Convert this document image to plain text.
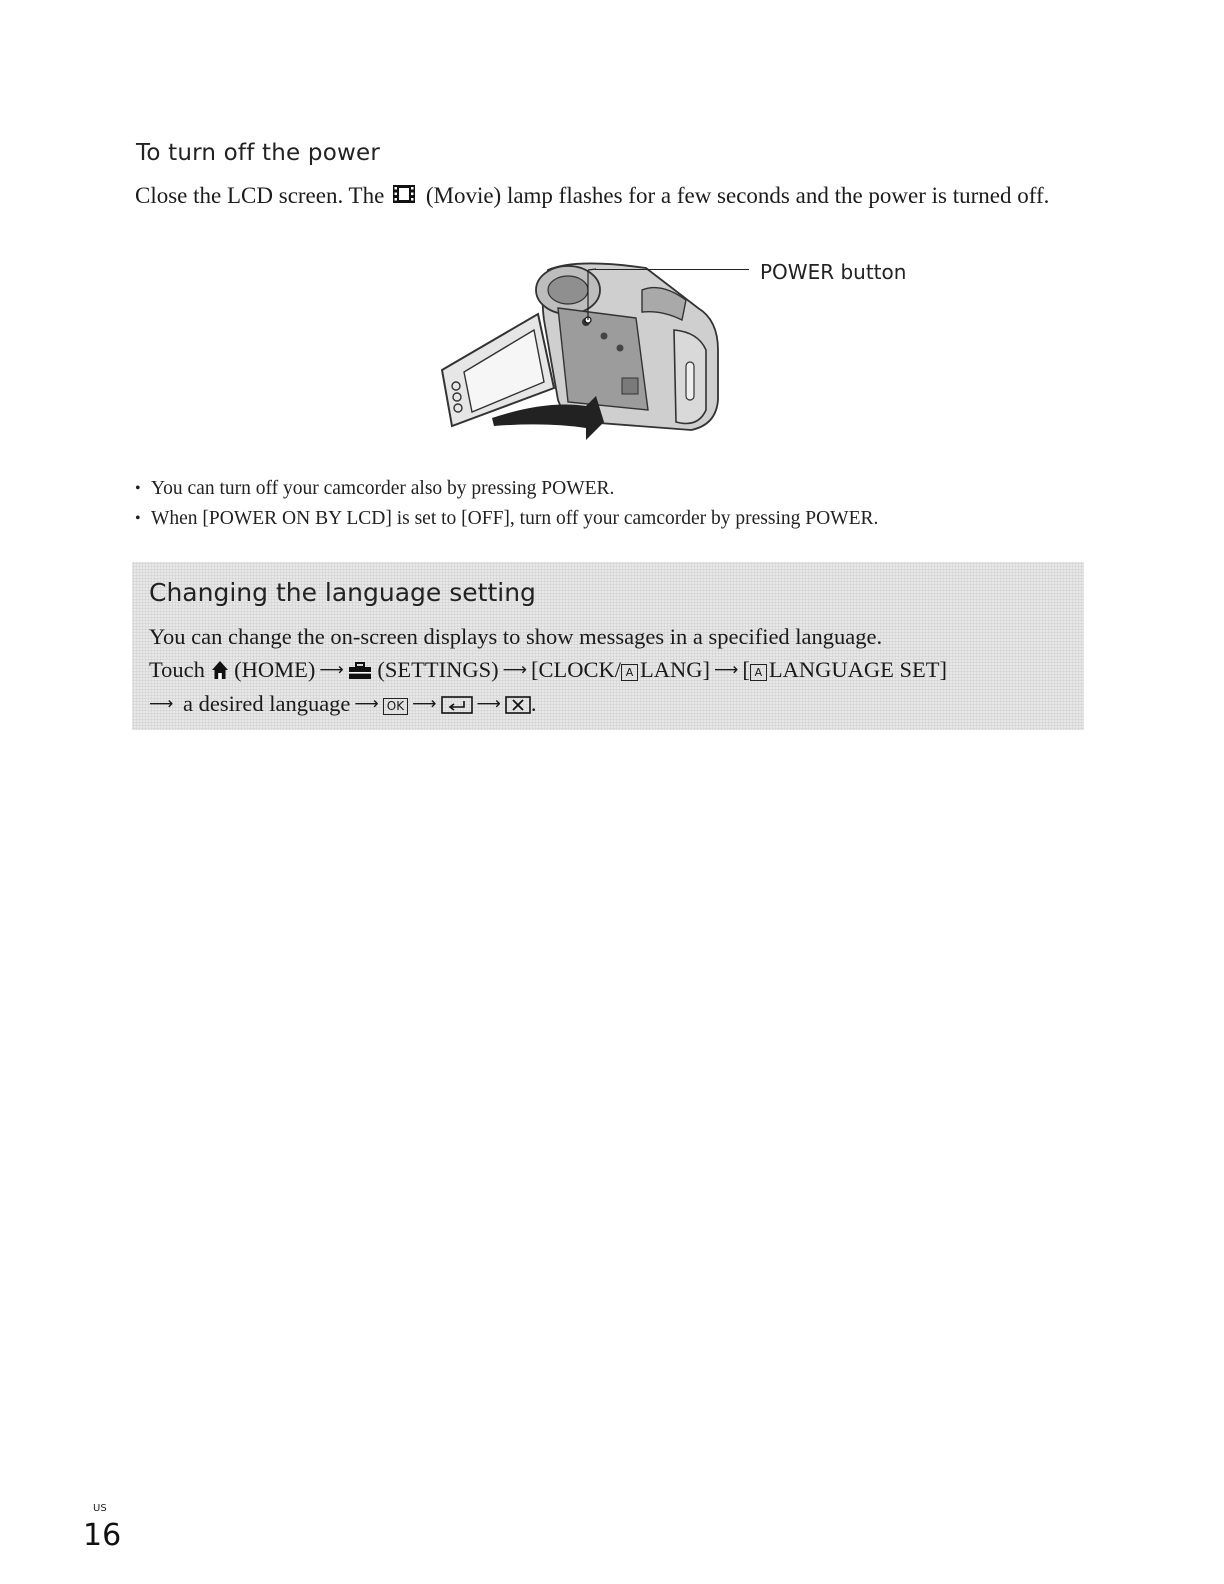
To turn off the power
Close the LCD screen. The (Movie) lamp flashes for a few seconds and the power is turned off.
POWER button
• You can turn off your camcorder also by pressing POWER.
• When [POWER ON BY LCD] is set to [OFF], turn off your camcorder by pressing POWER.
Changing the language setting
You can change the on-screen displays to show messages in a specified language.
Touch (HOME) ⟶ (SETTINGS) ⟶ [CLOCK/ A LANG] ⟶ [ A LANGUAGE SET]
⟶ a desired language ⟶ OK ⟶ ⟶ .
US
16
